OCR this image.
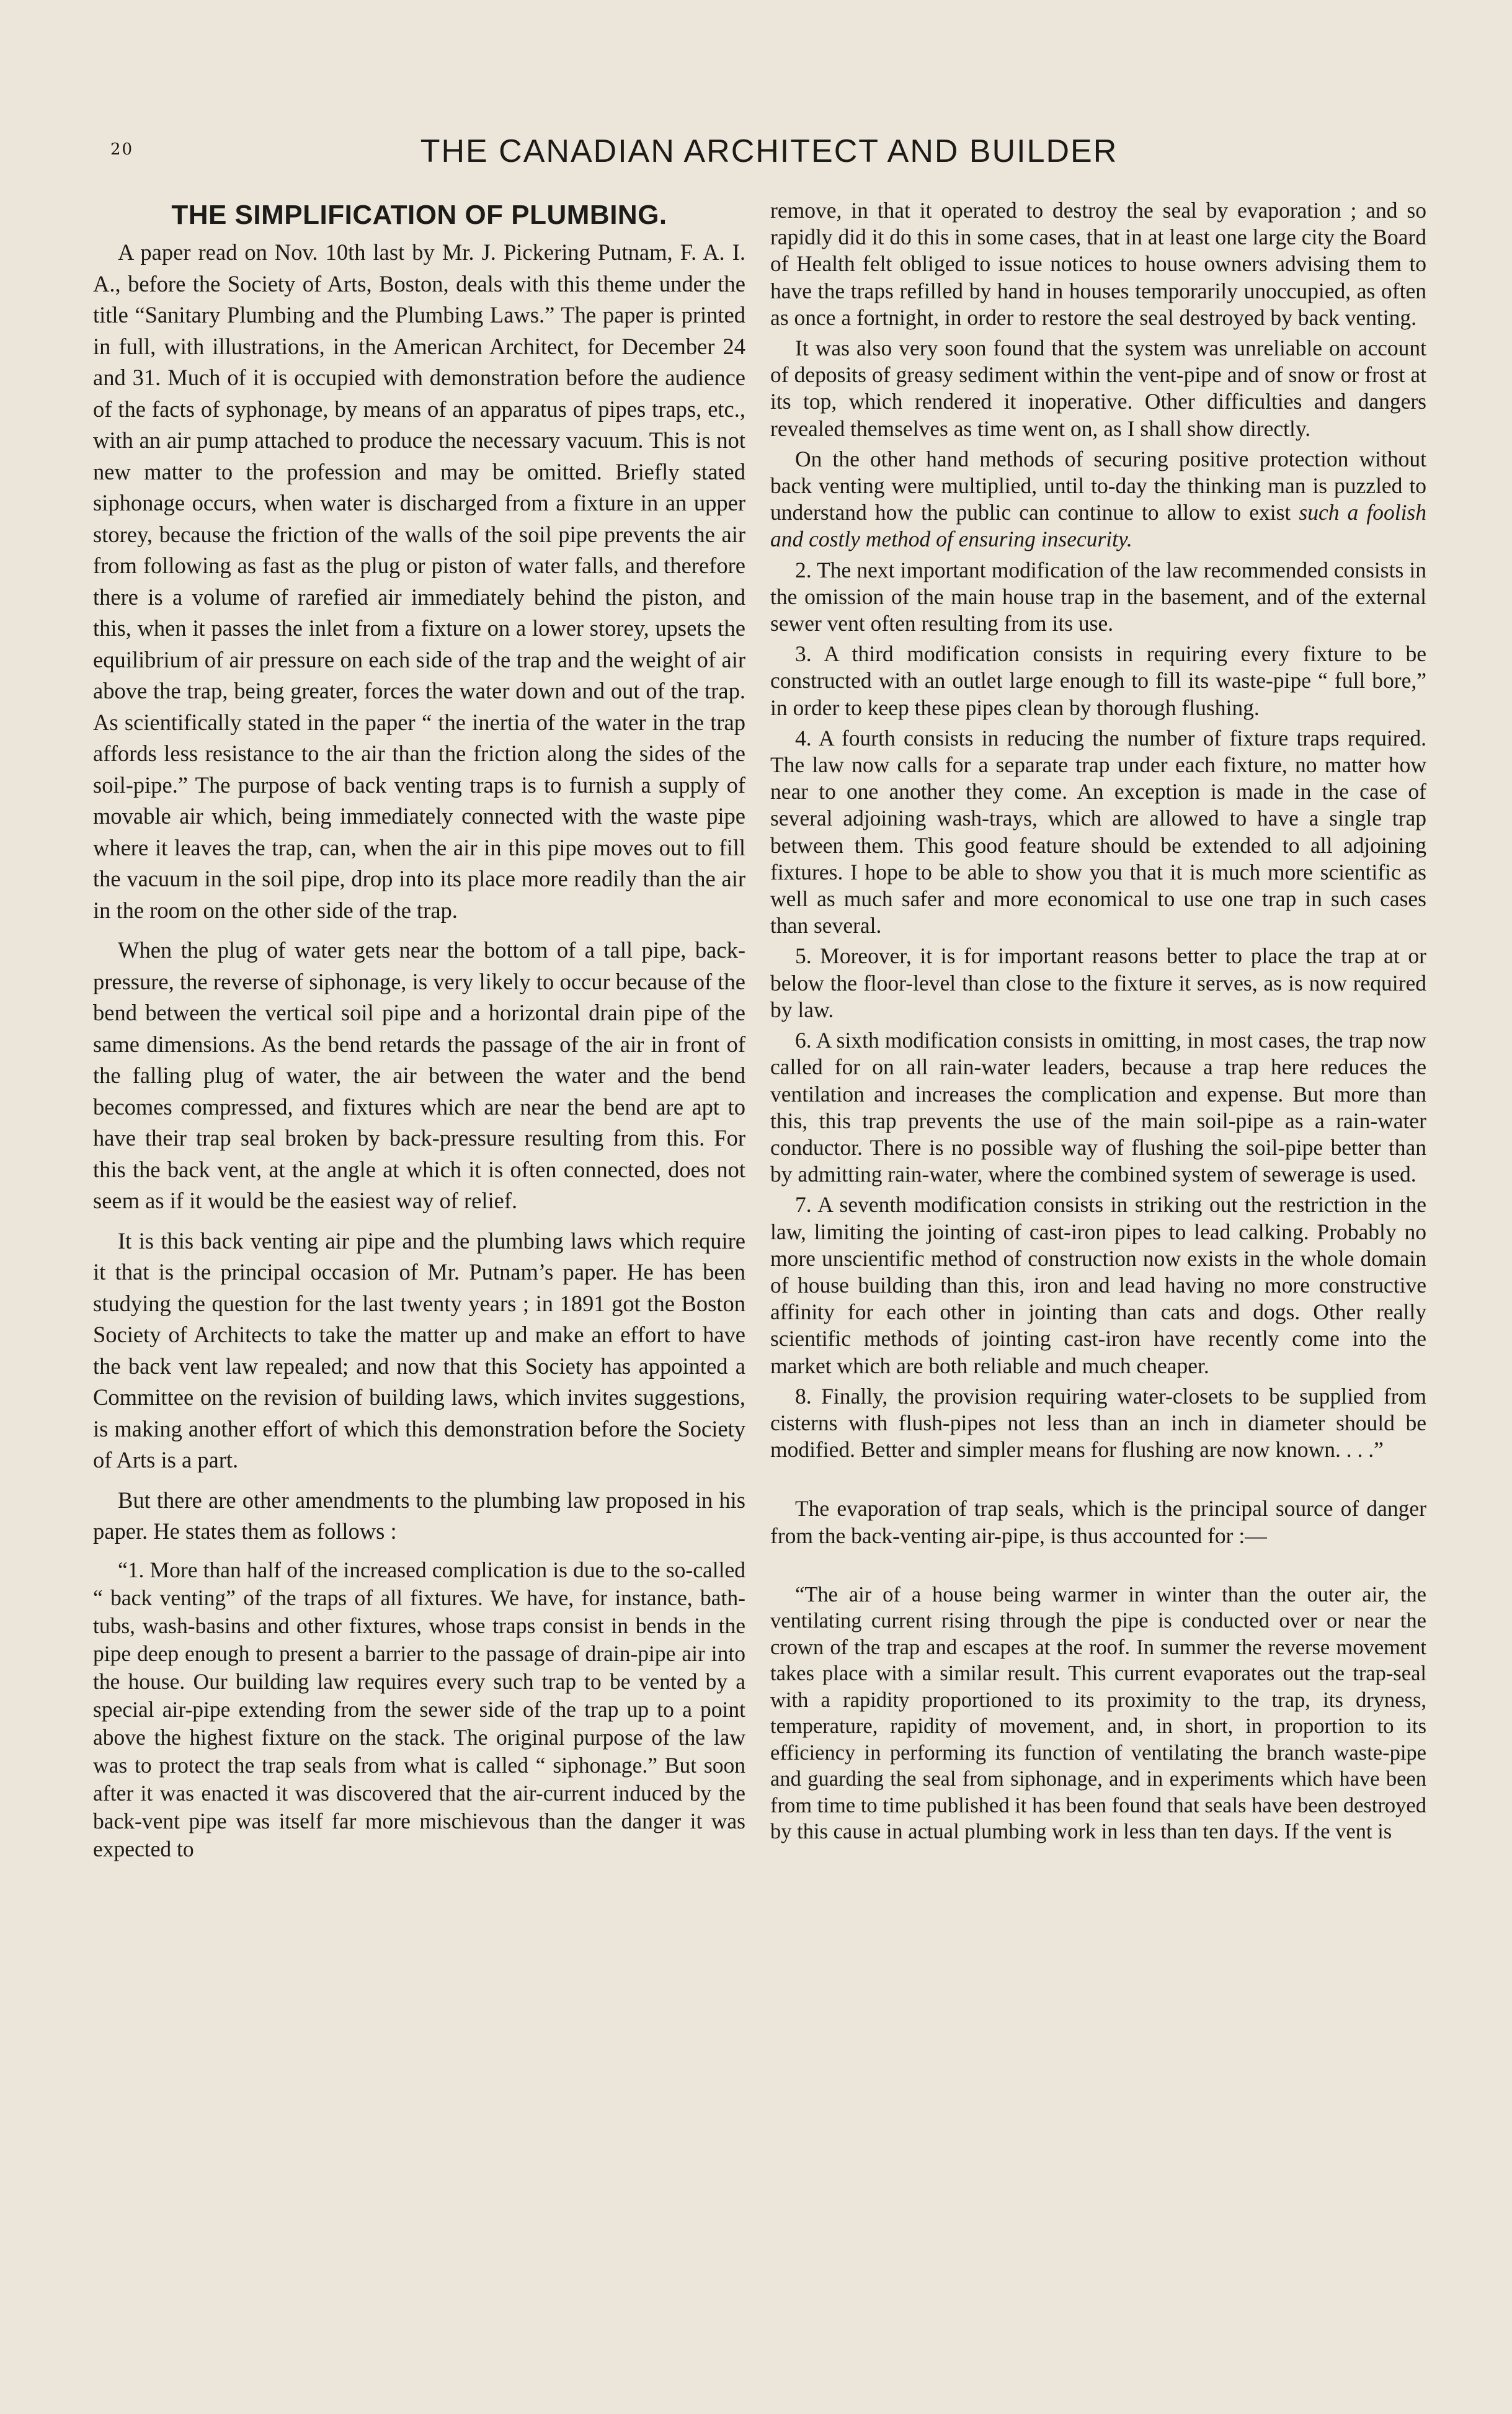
20	THE CANADIAN ARCHITECT AND BUILDER
THE SIMPLIFICATION OF PLUMBING.

A paper read on Nov. 10th last by Mr. J. Pickering Putnam, F. A. I. A., before the Society of Arts, Boston, deals with this theme under the title “Sanitary Plumbing and the Plumbing Laws.” The paper is printed in full, with illustrations, in the American Architect, for December 24 and 31. Much of it is occupied with demonstration before the audience of the facts of syphonage, by means of an apparatus of pipes traps, etc., with an air pump attached to produce the necessary vacuum. This is not new matter to the profession and may be omitted. Briefly stated siphonage occurs, when water is discharged from a fixture in an upper storey, because the friction of the walls of the soil pipe prevents the air from following as fast as the plug or piston of water falls, and therefore there is a volume of rarefied air immediately behind the piston, and this, when it passes the inlet from a fixture on a lower storey, upsets the equilibrium of air pressure on each side of the trap and the weight of air above the trap, being greater, forces the water down and out of the trap. As scientifically stated in the paper “ the inertia of the water in the trap affords less resistance to the air than the friction along the sides of the soil-pipe.” The purpose of back venting traps is to furnish a supply of movable air which, being immediately connected with the waste pipe where it leaves the trap, can, when the air in this pipe moves out to fill the vacuum in the soil pipe, drop into its place more readily than the air in the room on the other side of the trap.

When the plug of water gets near the bottom of a tall pipe, back-pressure, the reverse of siphonage, is very likely to occur because of the bend between the vertical soil pipe and a horizontal drain pipe of the same dimensions. As the bend retards the passage of the air in front of the falling plug of water, the air between the water and the bend becomes compressed, and fixtures which are near the bend are apt to have their trap seal broken by back-pressure resulting from this. For this the back vent, at the angle at which it is often connected, does not seem as if it would be the easiest way of relief.

It is this back venting air pipe and the plumbing laws which require it that is the principal occasion of Mr. Putnam’s paper. He has been studying the question for the last twenty years ; in 1891 got the Boston Society of Architects to take the matter up and make an effort to have the back vent law repealed; and now that this Society has appointed a Committee on the revision of building laws, which invites suggestions, is making another effort of which this demonstration before the Society of Arts is a part.

But there are other amendments to the plumbing law proposed in his paper. He states them as follows :

“1. More than half of the increased complication is due to the so-called “ back venting” of the traps of all fixtures. We have, for instance, bath-tubs, wash-basins and other fixtures, whose traps consist in bends in the pipe deep enough to present a barrier to the passage of drain-pipe air into the house. Our building law requires every such trap to be vented by a special air-pipe extending from the sewer side of the trap up to a point above the highest fixture on the stack. The original purpose of the law was to protect the trap seals from what is called “ siphonage.” But soon after it was enacted it was discovered that the air-current induced by the back-vent pipe was itself far more mischievous than the danger it was expected to

remove, in that it operated to destroy the seal by evaporation ; and so rapidly did it do this in some cases, that in at least one large city the Board of Health felt obliged to issue notices to house owners advising them to have the traps refilled by hand in houses temporarily unoccupied, as often as once a fortnight, in order to restore the seal destroyed by back venting.

It was also very soon found that the system was unreliable on account of deposits of greasy sediment within the vent-pipe and of snow or frost at its top, which rendered it inoperative. Other difficulties and dangers revealed themselves as time went on, as I shall show directly.

On the other hand methods of securing positive protection without back venting were multiplied, until to-day the thinking man is puzzled to understand how the public can continue to allow to exist such a foolish and costly method of ensuring insecurity.

2. The next important modification of the law recommended consists in the omission of the main house trap in the basement, and of the external sewer vent often resulting from its use.

3. A third modification consists in requiring every fixture to be constructed with an outlet large enough to fill its waste-pipe “ full bore,” in order to keep these pipes clean by thorough flushing.

4. A fourth consists in reducing the number of fixture traps required. The law now calls for a separate trap under each fixture, no matter how near to one another they come. An exception is made in the case of several adjoining wash-trays, which are allowed to have a single trap between them. This good feature should be extended to all adjoining fixtures. I hope to be able to show you that it is much more scientific as well as much safer and more economical to use one trap in such cases than several.

5. Moreover, it is for important reasons better to place the trap at or below the floor-level than close to the fixture it serves, as is now required by law.

6. A sixth modification consists in omitting, in most cases, the trap now called for on all rain-water leaders, because a trap here reduces the ventilation and increases the complication and expense. But more than this, this trap prevents the use of the main soil-pipe as a rain-water conductor. There is no possible way of flushing the soil-pipe better than by admitting rain-water, where the combined system of sewerage is used.

7. A seventh modification consists in striking out the restriction in the law, limiting the jointing of cast-iron pipes to lead calking. Probably no more unscientific method of construction now exists in the whole domain of house building than this, iron and lead having no more constructive affinity for each other in jointing than cats and dogs. Other really scientific methods of jointing cast-iron have recently come into the market which are both reliable and much cheaper.

8. Finally, the provision requiring water-closets to be supplied from cisterns with flush-pipes not less than an inch in diameter should be modified. Better and simpler means for flushing are now known. . . .”

The evaporation of trap seals, which is the principal source of danger from the back-venting air-pipe, is thus accounted for :—

“The air of a house being warmer in winter than the outer air, the ventilating current rising through the pipe is conducted over or near the crown of the trap and escapes at the roof. In summer the reverse movement takes place with a similar result. This current evaporates out the trap-seal with a rapidity proportioned to its proximity to the trap, its dryness, temperature, rapidity of movement, and, in short, in proportion to its efficiency in performing its function of ventilating the branch waste-pipe and guarding the seal from siphonage, and in experiments which have been from time to time published it has been found that seals have been destroyed by this cause in actual plumbing work in less than ten days. If the vent is
